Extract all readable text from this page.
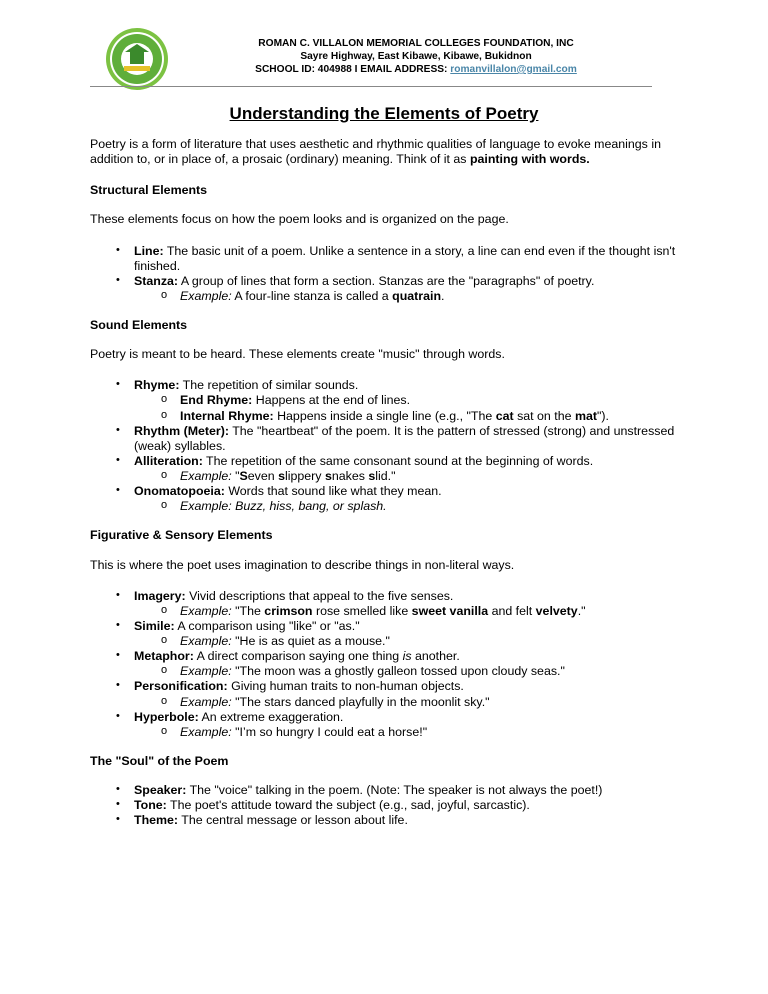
ROMAN C. VILLALON MEMORIAL COLLEGES FOUNDATION, INC
Sayre Highway, East Kibawe, Kibawe, Bukidnon
SCHOOL ID: 404988 I EMAIL ADDRESS: romanvillalon@gmail.com
Understanding the Elements of Poetry

Poetry is a form of literature that uses aesthetic and rhythmic qualities of language to evoke meanings in addition to, or in place of, a prosaic (ordinary) meaning. Think of it as painting with words.

Structural Elements

These elements focus on how the poem looks and is organized on the page.

• Line: The basic unit of a poem. Unlike a sentence in a story, a line can end even if the thought isn't finished.
• Stanza: A group of lines that form a section. Stanzas are the "paragraphs" of poetry.
o Example: A four-line stanza is called a quatrain.
Sound Elements

Poetry is meant to be heard. These elements create "music" through words.

• Rhyme: The repetition of similar sounds.
o End Rhyme: Happens at the end of lines.
o Internal Rhyme: Happens inside a single line (e.g., "The cat sat on the mat").
• Rhythm (Meter): The "heartbeat" of the poem. It is the pattern of stressed (strong) and unstressed (weak) syllables.
• Alliteration: The repetition of the same consonant sound at the beginning of words.
o Example: "Seven slippery snakes slid."
• Onomatopoeia: Words that sound like what they mean.
o Example: Buzz, hiss, bang, or splash.
Figurative & Sensory Elements

This is where the poet uses imagination to describe things in non-literal ways.

• Imagery: Vivid descriptions that appeal to the five senses.
o Example: "The crimson rose smelled like sweet vanilla and felt velvety."
• Simile: A comparison using "like" or "as."
o Example: "He is as quiet as a mouse."
• Metaphor: A direct comparison saying one thing is another.
o Example: "The moon was a ghostly galleon tossed upon cloudy seas."
• Personification: Giving human traits to non-human objects.
o Example: "The stars danced playfully in the moonlit sky."
• Hyperbole: An extreme exaggeration.
o Example: "I’m so hungry I could eat a horse!"
The "Soul" of the Poem
• Speaker: The "voice" talking in the poem. (Note: The speaker is not always the poet!)
• Tone: The poet's attitude toward the subject (e.g., sad, joyful, sarcastic).
• Theme: The central message or lesson about life.
